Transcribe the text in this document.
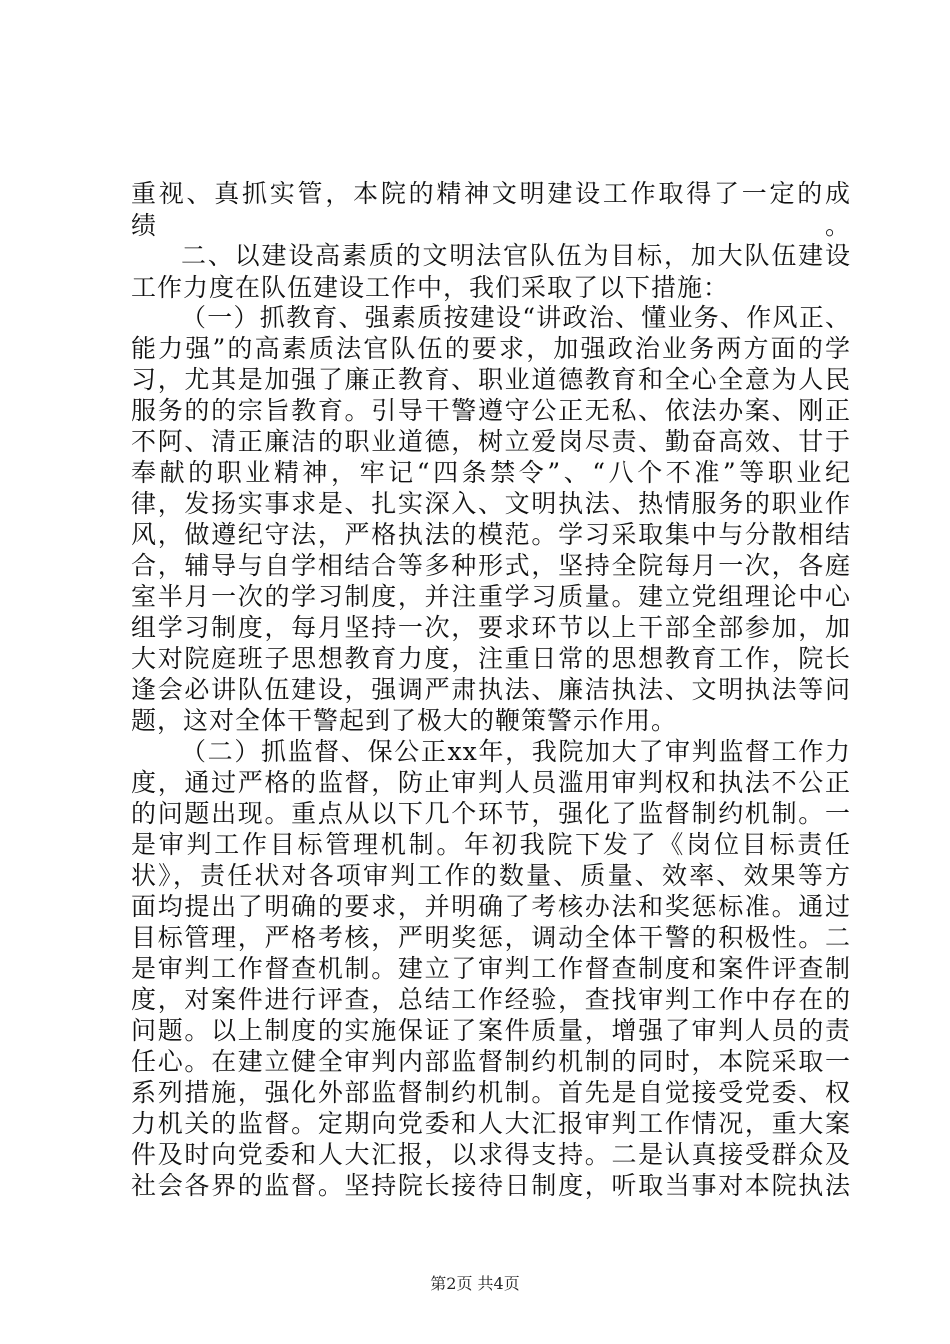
重视、真抓实管，本院的精神文明建设工作取得了一定的成绩。
二、以建设高素质的文明法官队伍为目标，加大队伍建设
工作力度在队伍建设工作中，我们采取了以下措施：
（一）抓教育、强素质按建设“讲政治、懂业务、作风正、
能力强”的高素质法官队伍的要求，加强政治业务两方面的学
习，尤其是加强了廉正教育、职业道德教育和全心全意为人民
服务的的宗旨教育。引导干警遵守公正无私、依法办案、刚正
不阿、清正廉洁的职业道德，树立爱岗尽责、勤奋高效、甘于
奉献的职业精神，牢记“四条禁令”、“八个不准”等职业纪
律，发扬实事求是、扎实深入、文明执法、热情服务的职业作
风，做遵纪守法，严格执法的模范。学习采取集中与分散相结
合，辅导与自学相结合等多种形式，坚持全院每月一次，各庭
室半月一次的学习制度，并注重学习质量。建立党组理论中心
组学习制度，每月坚持一次，要求环节以上干部全部参加，加
大对院庭班子思想教育力度，注重日常的思想教育工作，院长
逢会必讲队伍建设，强调严肃执法、廉洁执法、文明执法等问
题，这对全体干警起到了极大的鞭策警示作用。
（二）抓监督、保公正xx年，我院加大了审判监督工作力
度，通过严格的监督，防止审判人员滥用审判权和执法不公正
的问题出现。重点从以下几个环节，强化了监督制约机制。一
是审判工作目标管理机制。年初我院下发了《岗位目标责任
状》，责任状对各项审判工作的数量、质量、效率、效果等方
面均提出了明确的要求，并明确了考核办法和奖惩标准。通过
目标管理，严格考核，严明奖惩，调动全体干警的积极性。二
是审判工作督查机制。建立了审判工作督查制度和案件评查制
度，对案件进行评查，总结工作经验，查找审判工作中存在的
问题。以上制度的实施保证了案件质量，增强了审判人员的责
任心。在建立健全审判内部监督制约机制的同时，本院采取一
系列措施，强化外部监督制约机制。首先是自觉接受党委、权
力机关的监督。定期向党委和人大汇报审判工作情况，重大案
件及时向党委和人大汇报，以求得支持。二是认真接受群众及
社会各界的监督。坚持院长接待日制度，听取当事对本院执法
第2页 共4页
